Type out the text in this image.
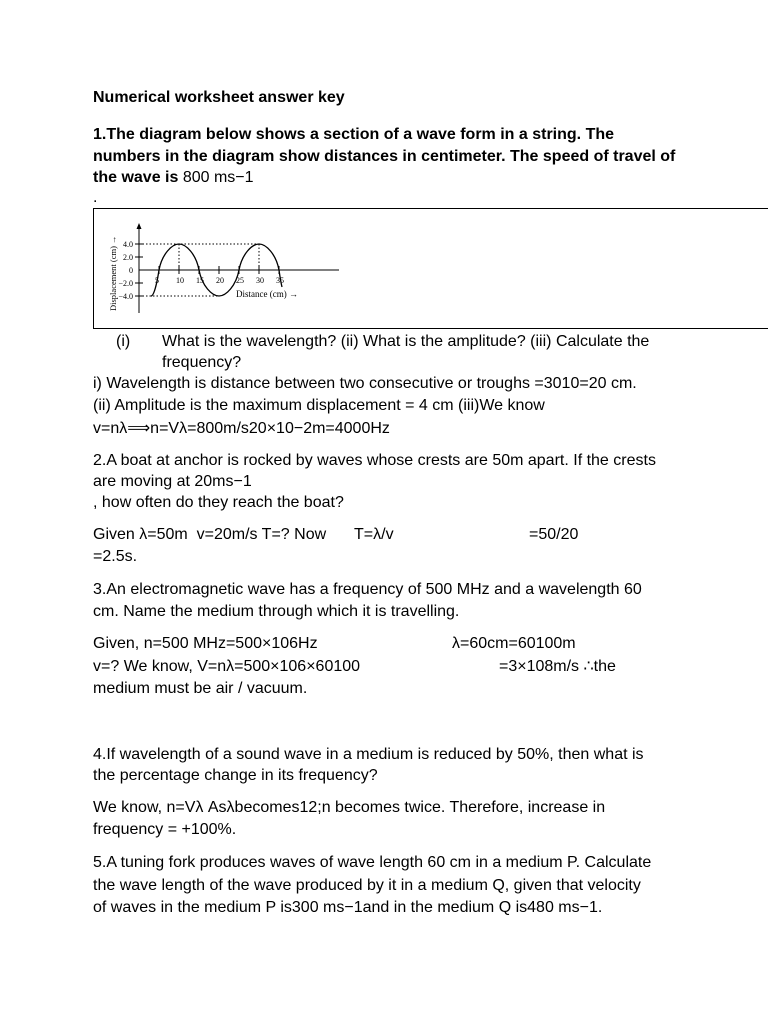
Numerical worksheet answer key
1.The diagram below shows a section of a wave form in a string. The
numbers in the diagram show distances in centimeter. The speed of travel of
the wave is 800 ms−1
.
Displacement (cm) → 4.0
2.0
0
−2.0
−4.0
5 10 15 20 25 30 35
Distance (cm) →
(i) What is the wavelength? (ii) What is the amplitude? (iii) Calculate the
frequency?
i) Wavelength is distance between two consecutive or troughs =3010=20 cm.
(ii) Amplitude is the maximum displacement = 4 cm (iii)We know
v=nλ⟹n=Vλ=800m/s20×10−2m=4000Hz
2.A boat at anchor is rocked by waves whose crests are 50m apart. If the crests
are moving at 20ms−1
, how often do they reach the boat?
Given λ=50m  v=20m/s T=? Now T=λ/v	=50/20
=2.5s.
3.An electromagnetic wave has a frequency of 500 MHz and a wavelength 60
cm. Name the medium through which it is travelling.
Given, n=500 MHz=500×106Hz	λ=60cm=60100m
v=? We know, V=nλ=500×106×60100	=3×108m/s ∴the
medium must be air / vacuum.
4.If wavelength of a sound wave in a medium is reduced by 50%, then what is
the percentage change in its frequency?
We know, n=Vλ Asλbecomes12;n becomes twice. Therefore, increase in
frequency = +100%.
5.A tuning fork produces waves of wave length 60 cm in a medium P. Calculate
the wave length of the wave produced by it in a medium Q, given that velocity
of waves in the medium P is300 ms−1and in the medium Q is480 ms−1.
